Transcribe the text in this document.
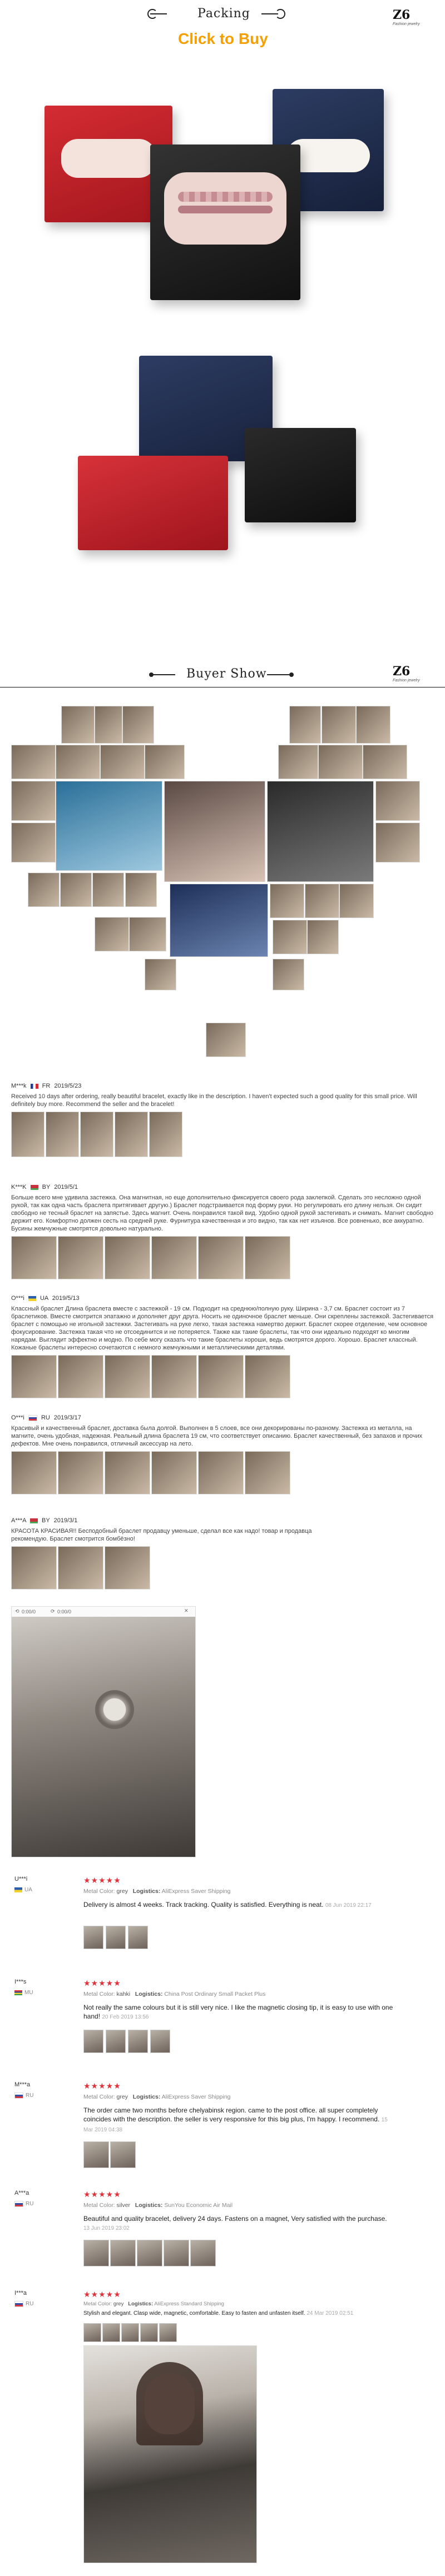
Packing	Z6
Fashion jewelry
Click to Buy
Buyer Show	Z6
Fashion jewelry
M***k	FR 2019/5/23
Received 10 days after ordering, really beautiful bracelet, exactly like in the description. I haven't expected such a good quality for this small price. Will definitely buy more. Recommend the seller and the bracelet!
K***K	BY 2019/5/1
Больше всего мне удивила застежка. Она магнитная, но еще дополнительно фиксируется своего рода заклепкой. Сделать это несложно одной рукой, так как одна часть браслета притягивает другую.) Браслет подстраивается под форму руки. Но регулировать его длину нельзя. Он сидит свободно не тесный браслет на запястье. Здесь магнит. Очень понравился такой вид. Удобно одной рукой застегивать и снимать. Магнит свободно держит его. Комфортно должен сесть на средней руке. Фурнитура качественная и это видно, так как нет изъянов. Все ровненько, все аккуратно. Бусины жемчужные смотрятся довольно натурально.
O***i	UA 2019/5/13
Классный браслет Длина браслета вместе с застежкой - 19 см. Подходит на среднюю/полную руку. Ширина - 3,7 см. Браслет состоит из 7 браслетиков. Вместе смотрится эпатажно и дополняет друг друга. Носить не одиночное браслет меньше. Они скреплены застежкой. Застегивается браслет с помощью не игольной застежки. Застегивать на руке легко, такая застежка намертво держит. Браслет скорее отделение, чем основное фокусирование. Застежка такая что не отсоединится и не потеряется. Также как такие браслеты, так что они идеально подходят ко многим нарядам. Выглядит эффектно и модно. По себе могу сказать что такие браслеты хороши, ведь смотрятся дорого. Хорошо. Браслет классный. Кожаные браслеты интересно сочетаются с немного жемчужными и металлическими деталями.
O***i	RU 2019/3/17
Красивый и качественный браслет, доставка была долгой. Выполнен в 5 слоев, все они декорированы по-разному. Застежка из металла, на магните, очень удобная, надежная. Реальный длина браслета 19 см, что соответствует описанию. Браслет качественный, без запахов и прочих дефектов. Мне очень понравился, отличный аксессуар на лето.
A***A	BY 2019/3/1
КРАСОТА КРАСИВАЯ!! Бесподобный браслет продавцу уменьше, сделал все как надо! товар и продавца рекомендую. Браслет смотрится бомбёзно!
⟲ 0:00/0	⟳ 0:00/0	✕
U***i
UA
★★★★★
Metal Color: grey Logistics: AliExpress Saver Shipping
Delivery is almost 4 weeks. Track tracking. Quality is satisfied. Everything is neat. 08 Jun 2019 22:17
I***s
MU
★★★★★
Metal Color: kahki Logistics: China Post Ordinary Small Packet Plus
Not really the same colours but it is still very nice. I like the magnetic closing tip, it is easy to use with one hand! 20 Feb 2019 13:56
M***a
RU
★★★★★
Metal Color: grey Logistics: AliExpress Saver Shipping
The order came two months before chelyabinsk region. came to the post office. all super completely coincides with the description. the seller is very responsive for this big plus, I'm happy. I recommend. 15 Mar 2019 04:38
A***a
RU
★★★★★
Metal Color: silver Logistics: SunYou Economic Air Mail
Beautiful and quality bracelet, delivery 24 days. Fastens on a magnet, Very satisfied with the purchase. 13 Jun 2019 23:02
I***a
RU
★★★★★
Metal Color: grey Logistics: AliExpress Standard Shipping
Stylish and elegant. Clasp wide, magnetic, comfortable. Easy to fasten and unfasten itself. 24 Mar 2019 02:51
